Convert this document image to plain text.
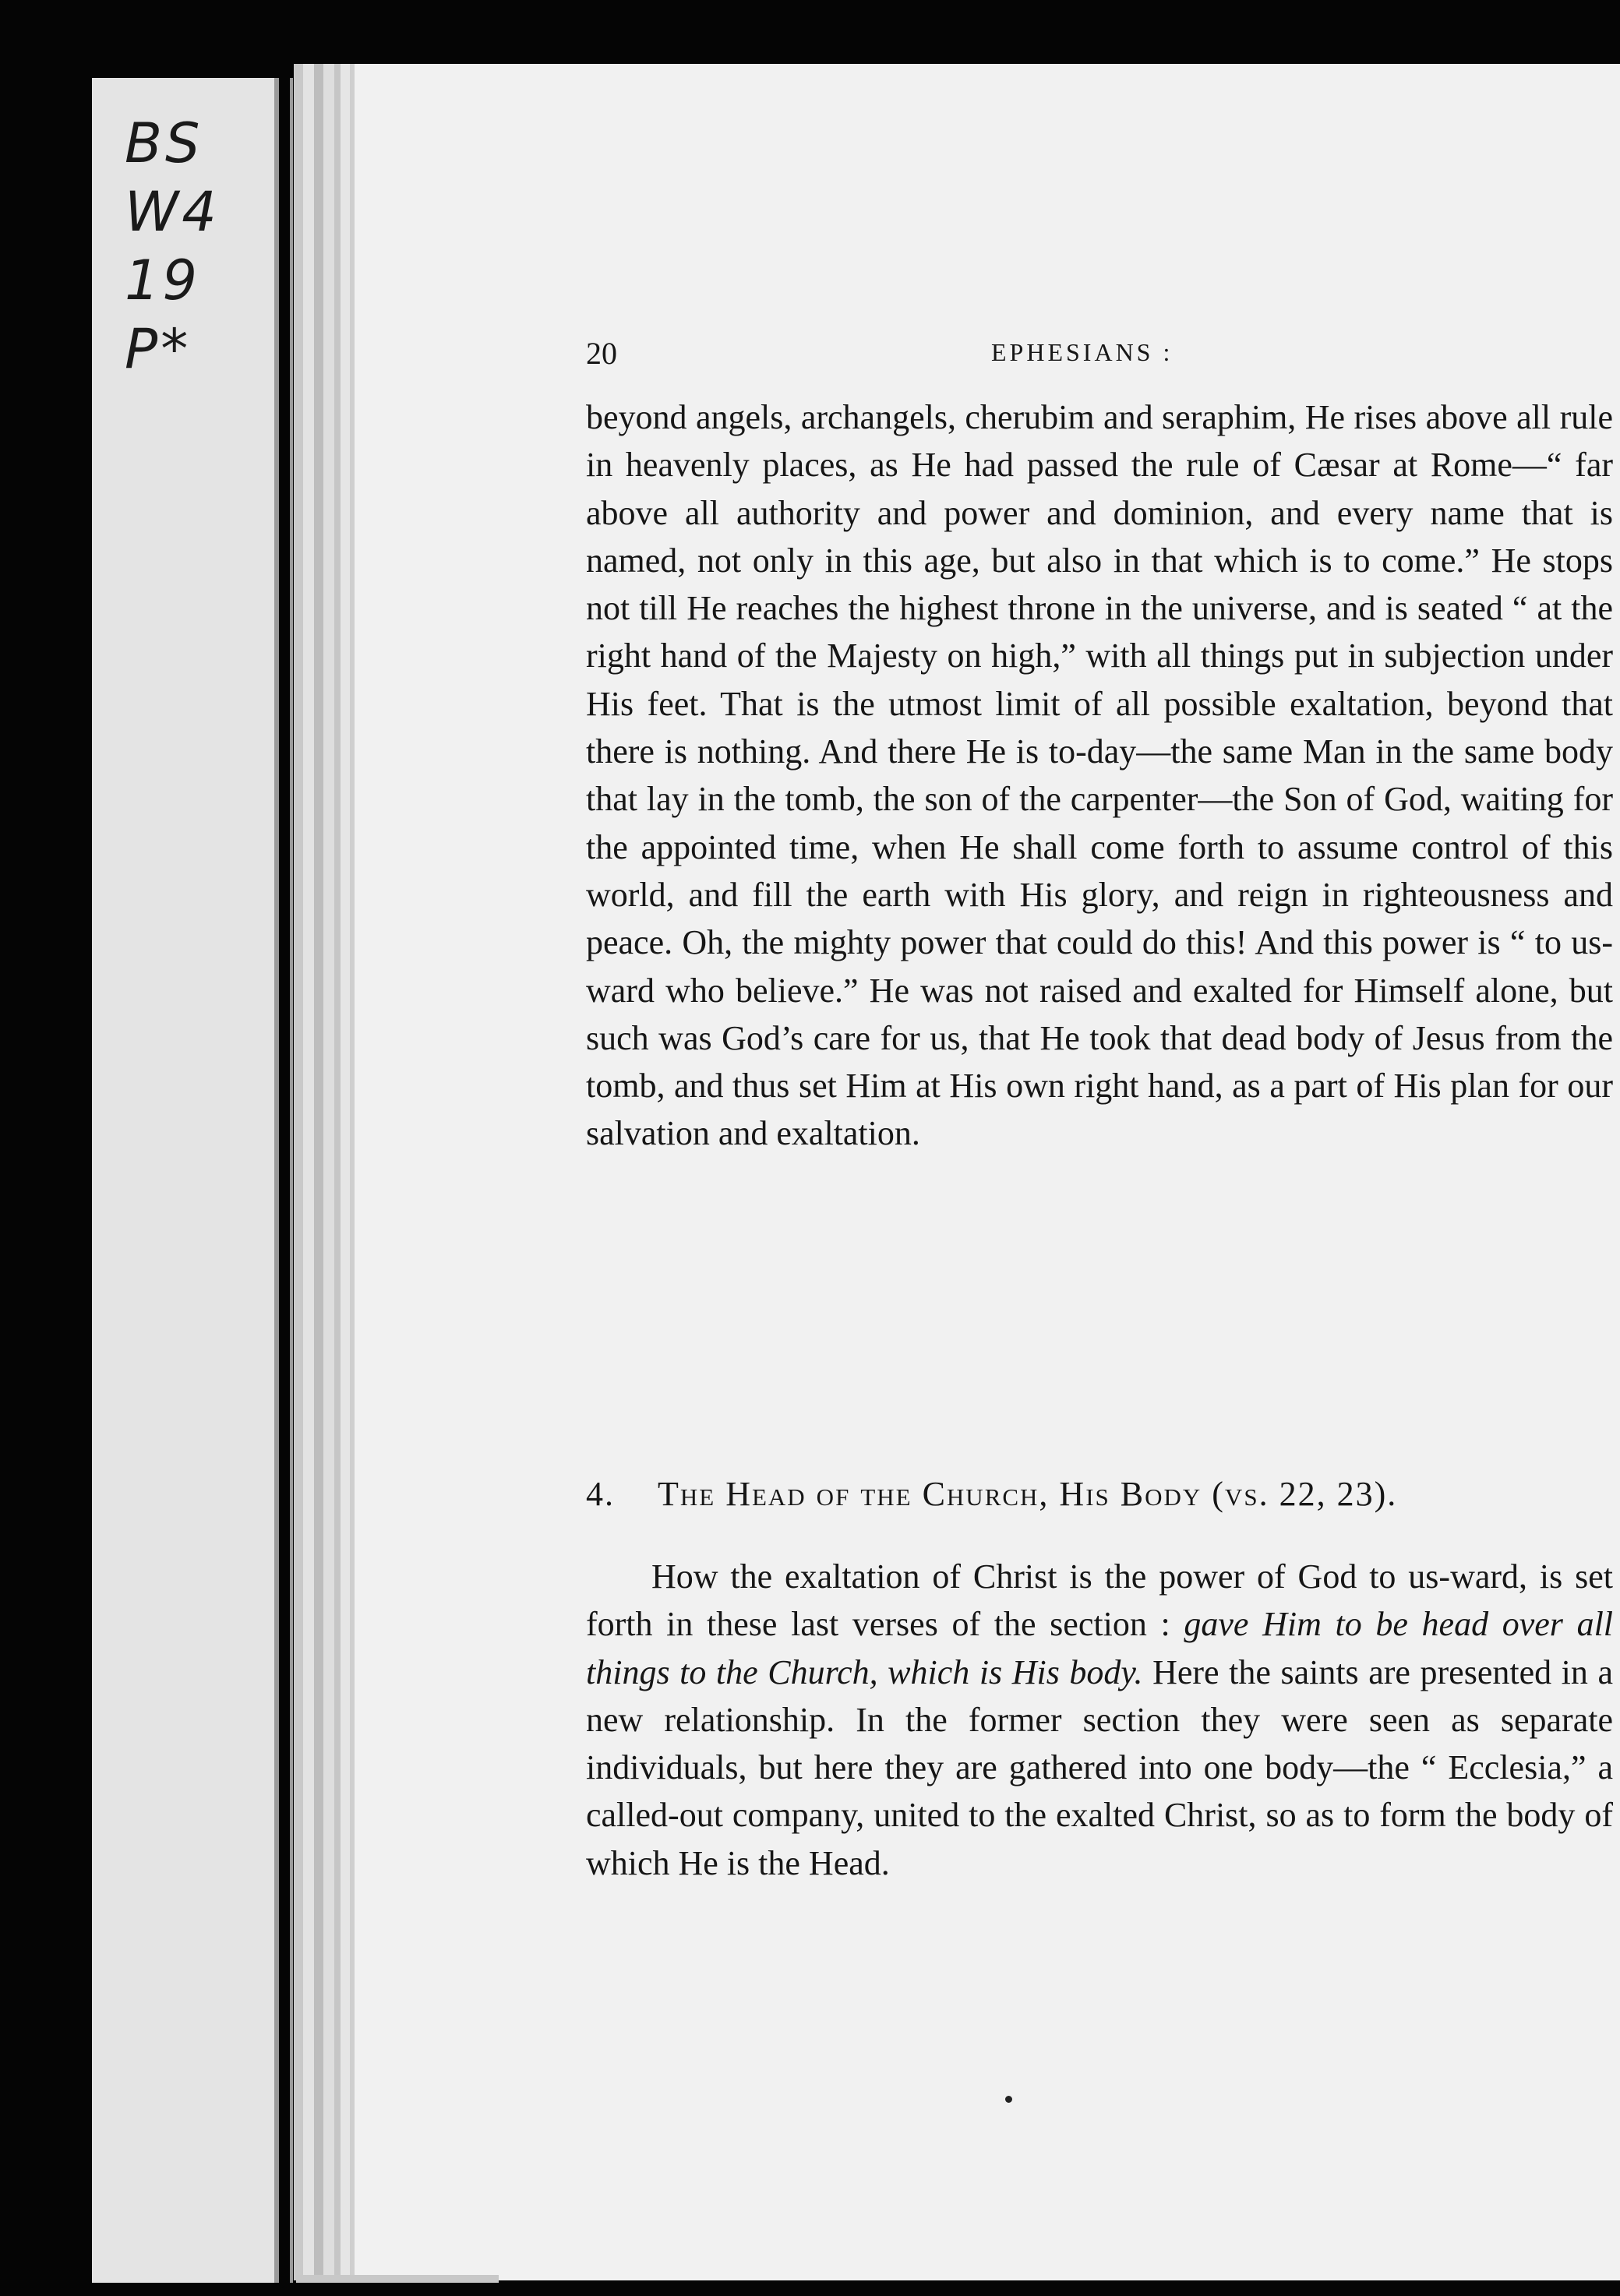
BS
W4
19
P*	20	EPHESIANS :

beyond angels, archangels, cherubim and seraphim, He rises above all rule in heavenly places, as He had passed the rule of Cæsar at Rome—“ far above all authority and power and dominion, and every name that is named, not only in this age, but also in that which is to come.” He stops not till He reaches the highest throne in the universe, and is seated “ at the right hand of the Majesty on high,” with all things put in subjection under His feet. That is the utmost limit of all possible exaltation, beyond that there is nothing. And there He is to-day—the same Man in the same body that lay in the tomb, the son of the carpenter—the Son of God, waiting for the appointed time, when He shall come forth to assume control of this world, and fill the earth with His glory, and reign in righteousness and peace. Oh, the mighty power that could do this! And this power is “ to us-ward who believe.” He was not raised and exalted for Himself alone, but such was God’s care for us, that He took that dead body of Jesus from the tomb, and thus set Him at His own right hand, as a part of His plan for our salvation and exaltation.

4. The Head of the Church, His Body (vs. 22, 23).

How the exaltation of Christ is the power of God to us-ward, is set forth in these last verses of the section : gave Him to be head over all things to the Church, which is His body. Here the saints are presented in a new relationship. In the former section they were seen as separate individuals, but here they are gathered into one body—the “ Ecclesia,” a called-out company, united to the exalted Christ, so as to form the body of which He is the Head.
